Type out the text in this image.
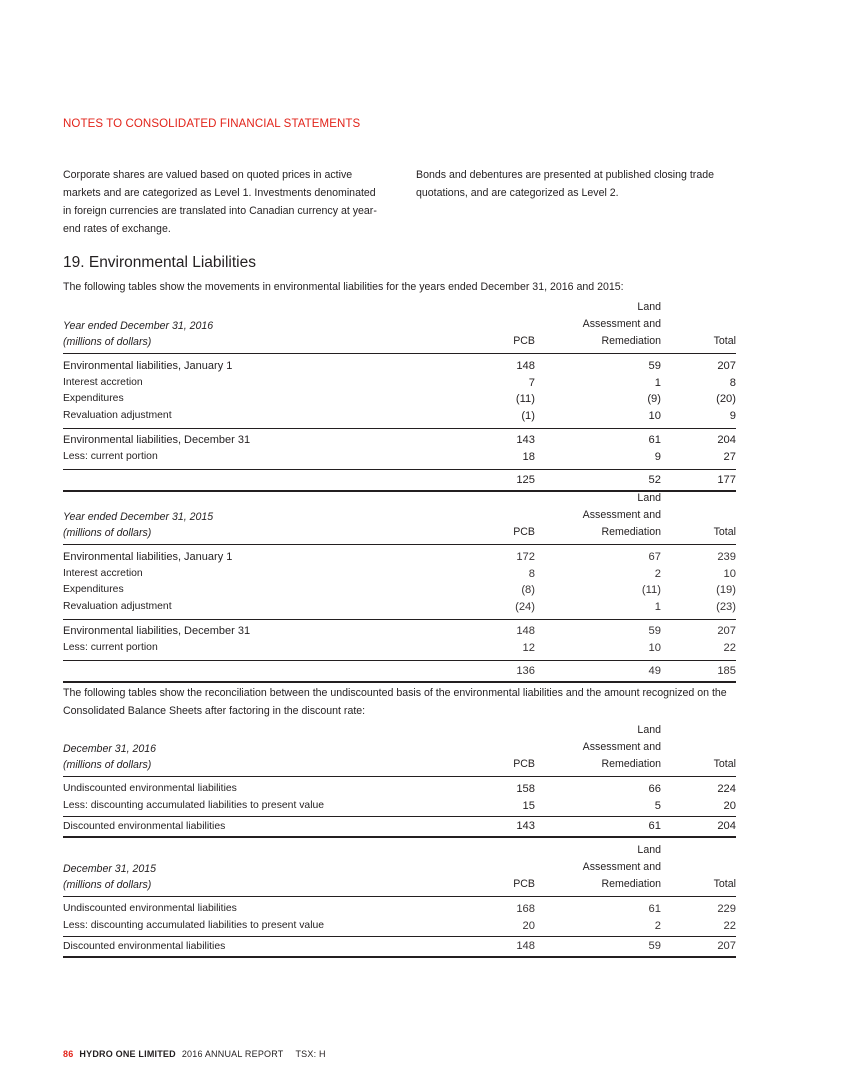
NOTES TO CONSOLIDATED FINANCIAL STATEMENTS
Corporate shares are valued based on quoted prices in active markets and are categorized as Level 1. Investments denominated in foreign currencies are translated into Canadian currency at year-end rates of exchange.
Bonds and debentures are presented at published closing trade quotations, and are categorized as Level 2.
19. Environmental Liabilities
The following tables show the movements in environmental liabilities for the years ended December 31, 2016 and 2015:
Year ended December 31, 2016
(millions of dollars)	PCB
Land
Assessment and
Remediation	Total
Environmental liabilities, January 1	148	59	207
Interest accretion	7	1	8
Expenditures	(11)	(9)	(20)
Revaluation adjustment	(1)	10	9
Environmental liabilities, December 31	143	61	204
Less: current portion	18	9	27
125	52	177
Year ended December 31, 2015
(millions of dollars)	PCB
Land
Assessment and
Remediation	Total
Environmental liabilities, January 1	172	67	239
Interest accretion	8	2	10
Expenditures	(8)	(11)	(19)
Revaluation adjustment	(24)	1	(23)
Environmental liabilities, December 31	148	59	207
Less: current portion	12	10	22
136	49	185
The following tables show the reconciliation between the undiscounted basis of the environmental liabilities and the amount recognized on the Consolidated Balance Sheets after factoring in the discount rate:
December 31, 2016
(millions of dollars)	PCB
Land
Assessment and
Remediation	Total
Undiscounted environmental liabilities	158	66	224
Less: discounting accumulated liabilities to present value	15	5	20
Discounted environmental liabilities	143	61	204
December 31, 2015
(millions of dollars)	PCB
Land
Assessment and
Remediation	Total
Undiscounted environmental liabilities	168	61	229
Less: discounting accumulated liabilities to present value	20	2	22
Discounted environmental liabilities	148	59	207
86 HYDRO ONE LIMITED 2016 ANNUAL REPORT TSX: H
